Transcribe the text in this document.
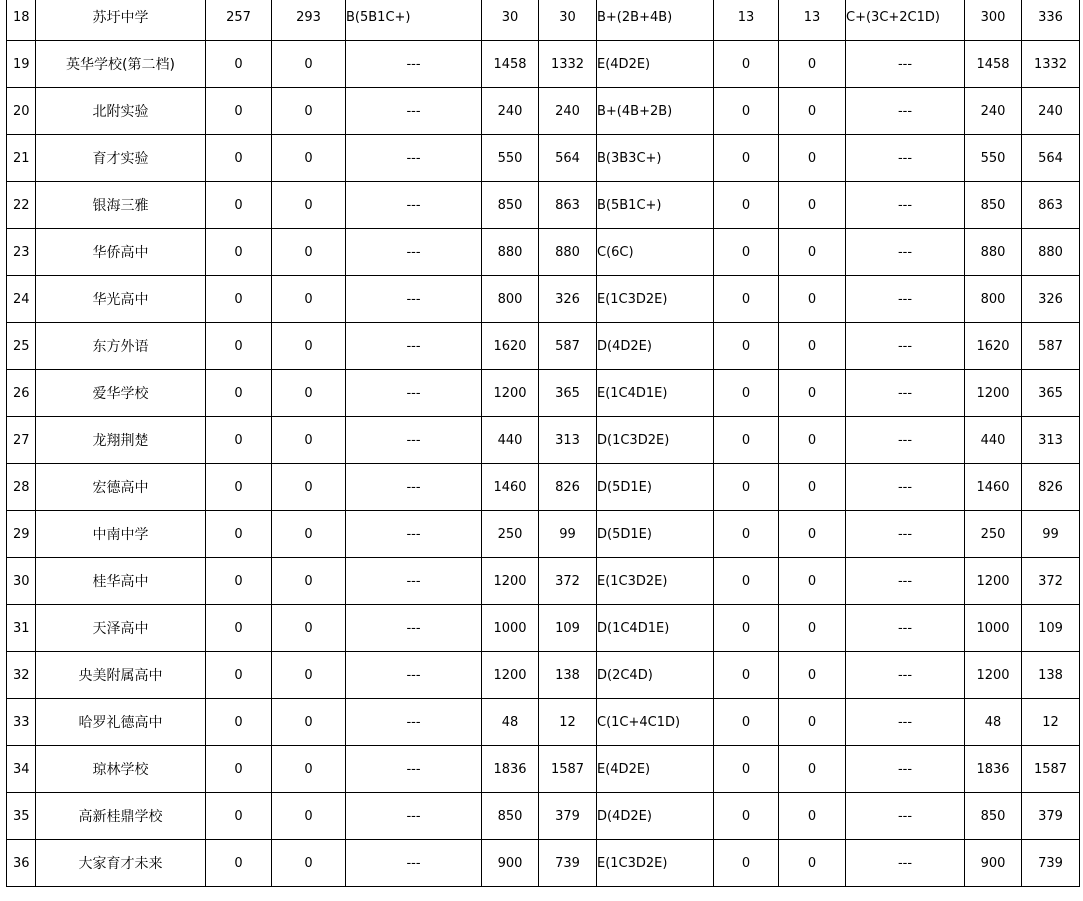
18	苏圩中学	257	293	B(5B1C+)	30	30	B+(2B+4B)	13	13	C+(3C+2C1D)	300	336
19	英华学校(第二档)	0	0	---	1458	1332	E(4D2E)	0	0	---	1458	1332
20	北附实验	0	0	---	240	240	B+(4B+2B)	0	0	---	240	240
21	育才实验	0	0	---	550	564	B(3B3C+)	0	0	---	550	564
22	银海三雅	0	0	---	850	863	B(5B1C+)	0	0	---	850	863
23	华侨高中	0	0	---	880	880	C(6C)	0	0	---	880	880
24	华光高中	0	0	---	800	326	E(1C3D2E)	0	0	---	800	326
25	东方外语	0	0	---	1620	587	D(4D2E)	0	0	---	1620	587
26	爱华学校	0	0	---	1200	365	E(1C4D1E)	0	0	---	1200	365
27	龙翔荆楚	0	0	---	440	313	D(1C3D2E)	0	0	---	440	313
28	宏德高中	0	0	---	1460	826	D(5D1E)	0	0	---	1460	826
29	中南中学	0	0	---	250	99	D(5D1E)	0	0	---	250	99
30	桂华高中	0	0	---	1200	372	E(1C3D2E)	0	0	---	1200	372
31	天泽高中	0	0	---	1000	109	D(1C4D1E)	0	0	---	1000	109
32	央美附属高中	0	0	---	1200	138	D(2C4D)	0	0	---	1200	138
33	哈罗礼德高中	0	0	---	48	12	C(1C+4C1D)	0	0	---	48	12
34	琼林学校	0	0	---	1836	1587	E(4D2E)	0	0	---	1836	1587
35	高新桂鼎学校	0	0	---	850	379	D(4D2E)	0	0	---	850	379
36	大家育才未来	0	0	---	900	739	E(1C3D2E)	0	0	---	900	739
